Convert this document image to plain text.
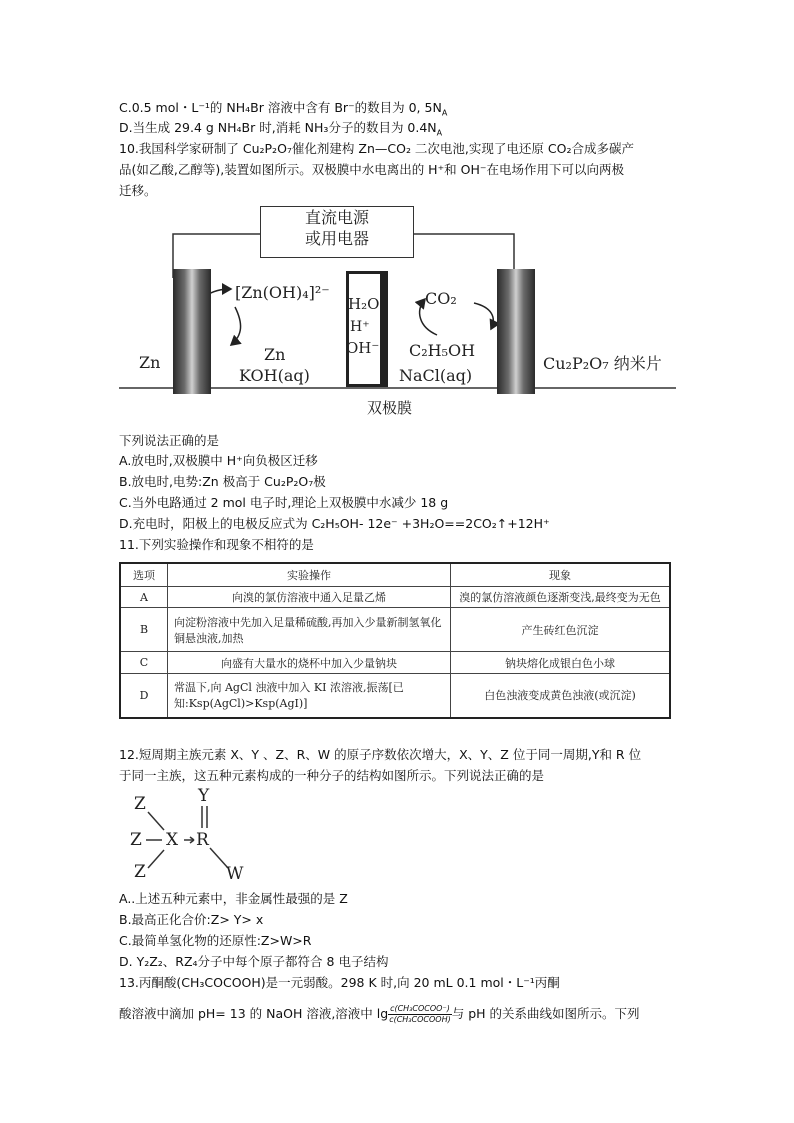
C.0.5 mol・L⁻¹的 NH₄Br 溶液中含有 Br⁻的数目为 0, $5N_A$
D.当生成 29.4 g NH₄Br 时,消耗 NH₃分子的数目为 $0.4N_A$
10.我国科学家研制了 Cu₂P₂O₇催化剂建构 Zn—CO₂ 二次电池,实现了电还原 CO₂合成多碳产
品(如乙酸,乙醇等),装置如图所示。双极膜中水电离出的 H⁺和 OH⁻在电场作用下可以向两极
迁移。
直流电源
或用电器
H₂O
H⁺
OH⁻
[Zn(OH)₄]²⁻
Zn
KOH(aq)
CO₂
C₂H₅OH
NaCl(aq)
Zn	Cu₂P₂O₇ 纳米片
双极膜
下列说法正确的是
A.放电时,双极膜中 H⁺向负极区迁移
B.放电时,电势:Zn 极高于 Cu₂P₂O₇极
C.当外电路通过 2 mol 电子时,理论上双极膜中水减少 18 g
D.充电时，阳极上的电极反应式为 C₂H₅OH- 12e⁻ +3H₂O==2CO₂↑+12H⁺
11.下列实验操作和现象不相符的是
选项	实验操作	现象
A	向溴的氯仿溶液中通入足量乙烯	溴的氯仿溶液颜色逐渐变浅,最终变为无色
B	向淀粉溶液中先加入足量稀硫酸,再加入少量新制氢氧化铜悬浊液,加热	产生砖红色沉淀
C	向盛有大量水的烧杯中加入少量钠块	钠块熔化成银白色小球
D	常温下,向 AgCl 浊液中加入 KI 浓溶液,振荡[已知:Ksp(AgCl)>Ksp(AgI)]	白色浊液变成黄色浊液(或沉淀)
12.短周期主族元素 X、Y 、Z、R、W 的原子序数依次增大，X、Y、Z 位于同一周期,Y和 R 位
于同一主族，这五种元素构成的一种分子的结构如图所示。下列说法正确的是
Z
Z
Z
X R
Y
W
A..上述五种元素中，非金属性最强的是 Z
B.最高正化合价:Z> Y> x
C.最简单氢化物的还原性:Z>W>R
D. Y₂Z₂、RZ₄分子中每个原子都符合 8 电子结构
13.丙酮酸(CH₃COCOOH)是一元弱酸。298 K 时,向 20 mL 0.1 mol・L⁻¹丙酮
酸溶液中滴加 pH= 13 的 NaOH 溶液,溶液中 lg c(CH₃COCOO⁻)
c(CH₃COCOOH) 与 pH 的关系曲线如图所示。下列
